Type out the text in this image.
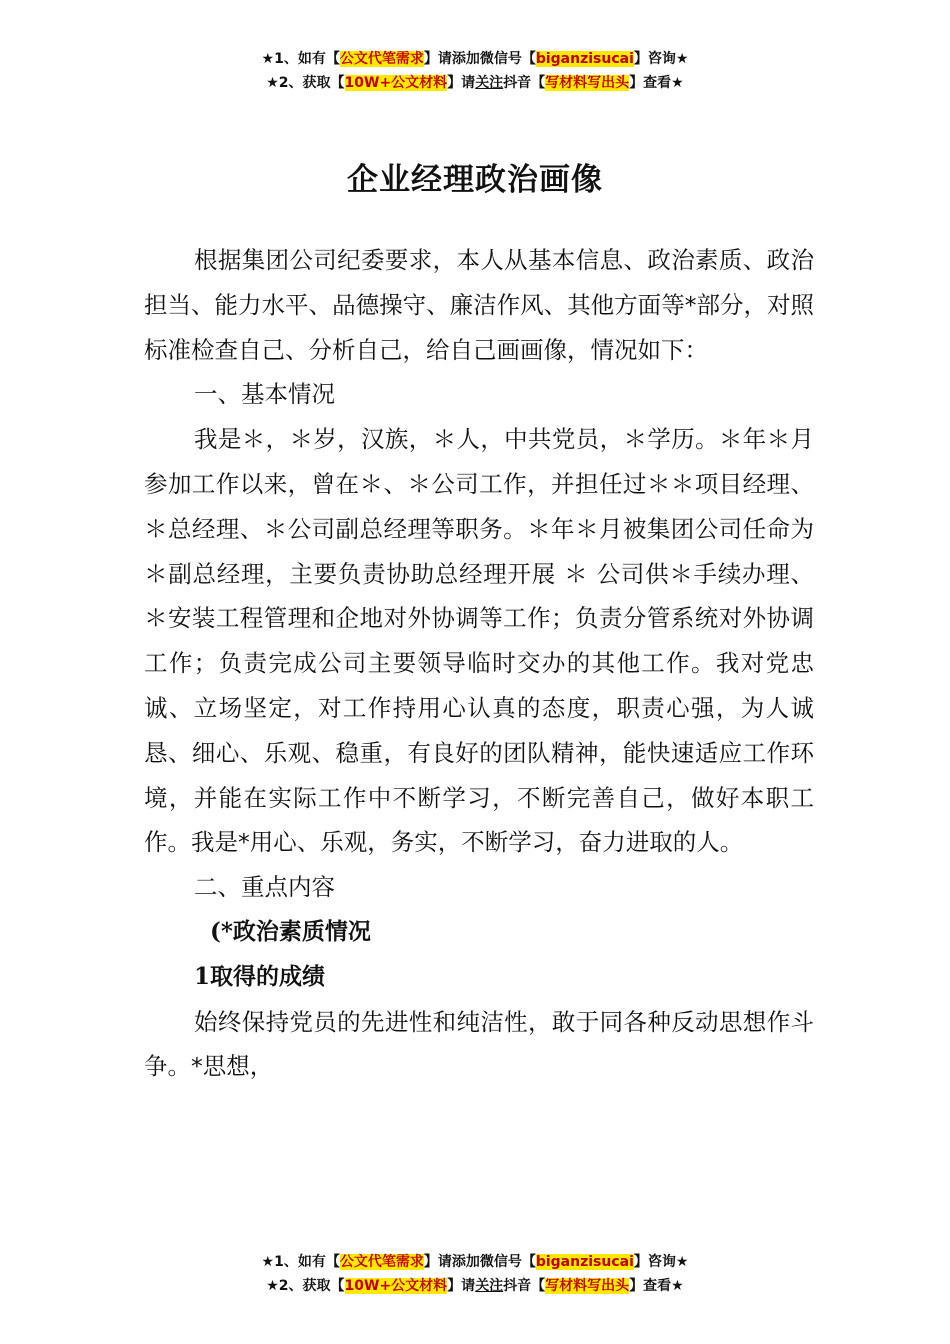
★1、如有【公文代笔需求】请添加微信号【biganzisucai】咨询★
★2、获取【10W+公文材料】请关注抖音【写材料写出头】查看★
企业经理政治画像

根据集团公司纪委要求，本人从基本信息、政治素质、政治担当、能力水平、品德操守、廉洁作风、其他方面等*部分，对照标准检查自己、分析自己，给自己画画像，情况如下：

一、基本情况

我是＊，＊岁，汉族，＊人，中共党员，＊学历。＊年＊月参加工作以来，曾在＊、＊公司工作，并担任过＊＊项目经理、＊总经理、＊公司副总经理等职务。＊年＊月被集团公司任命为＊副总经理，主要负责协助总经理开展 ＊ 公司供＊手续办理、＊安装工程管理和企地对外协调等工作；负责分管系统对外协调工作；负责完成公司主要领导临时交办的其他工作。我对党忠诚、立场坚定，对工作持用心认真的态度，职责心强，为人诚恳、细心、乐观、稳重，有良好的团队精神，能快速适应工作环境，并能在实际工作中不断学习，不断完善自己，做好本职工作。我是*用心、乐观，务实，不断学习，奋力进取的人。

二、重点内容

(*政治素质情况

1取得的成绩

始终保持党员的先进性和纯洁性，敢于同各种反动思想作斗争。*思想，

★1、如有【公文代笔需求】请添加微信号【biganzisucai】咨询★
★2、获取【10W+公文材料】请关注抖音【写材料写出头】查看★
